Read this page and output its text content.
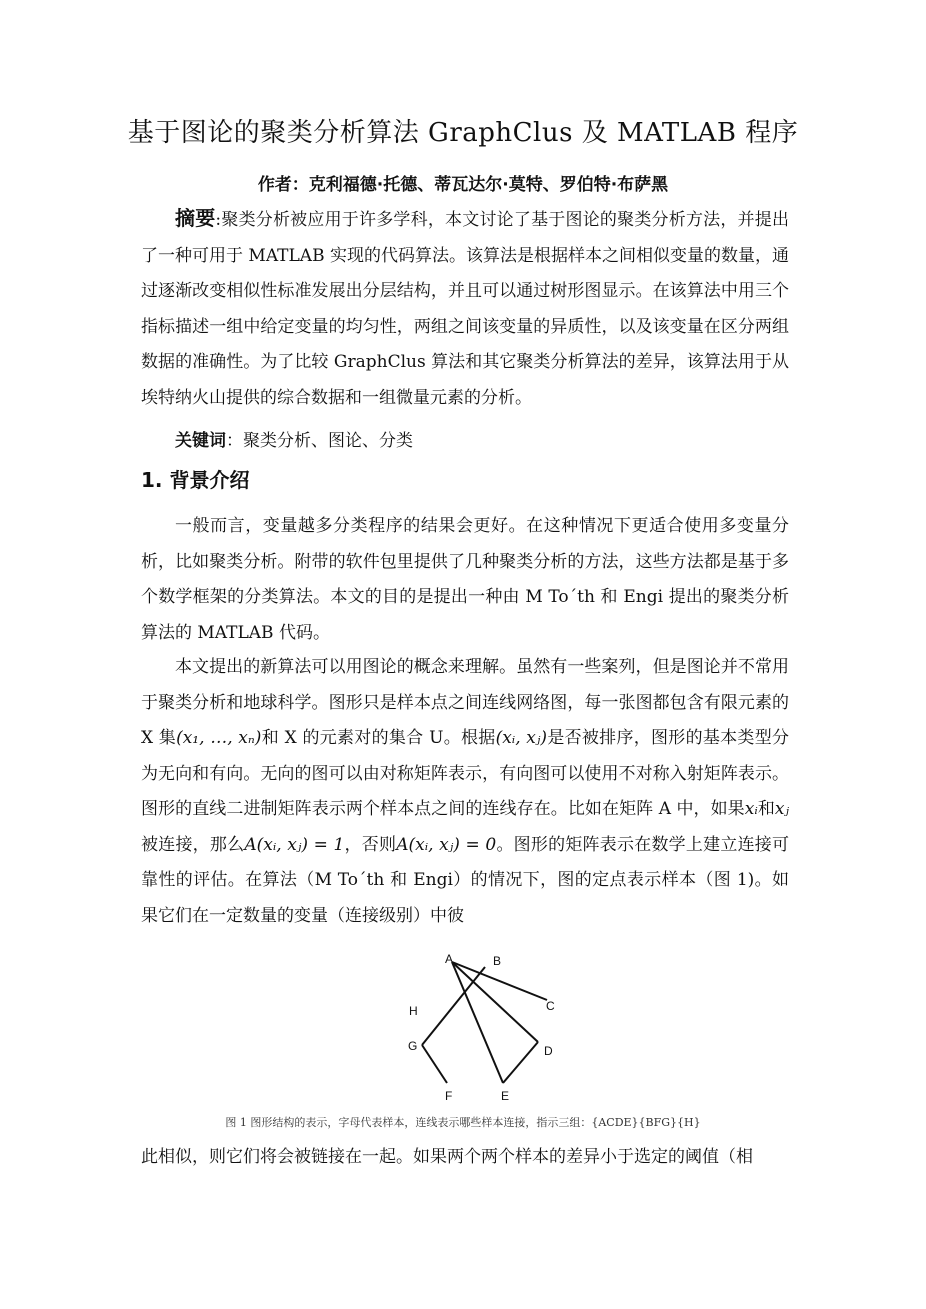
基于图论的聚类分析算法 GraphClus 及 MATLAB 程序
作者：克利福德·托德、蒂瓦达尔·莫特、罗伯特·布萨黑
摘要:聚类分析被应用于许多学科，本文讨论了基于图论的聚类分析方法，并提出了一种可用于 MATLAB 实现的代码算法。该算法是根据样本之间相似变量的数量，通过逐渐改变相似性标准发展出分层结构，并且可以通过树形图显示。在该算法中用三个指标描述一组中给定变量的均匀性，两组之间该变量的异质性，以及该变量在区分两组数据的准确性。为了比较 GraphClus 算法和其它聚类分析算法的差异，该算法用于从埃特纳火山提供的综合数据和一组微量元素的分析。
关键词：聚类分析、图论、分类
1. 背景介绍
一般而言，变量越多分类程序的结果会更好。在这种情况下更适合使用多变量分析，比如聚类分析。附带的软件包里提供了几种聚类分析的方法，这些方法都是基于多个数学框架的分类算法。本文的目的是提出一种由 M To´th 和 Engi 提出的聚类分析算法的 MATLAB 代码。
本文提出的新算法可以用图论的概念来理解。虽然有一些案列，但是图论并不常用于聚类分析和地球科学。图形只是样本点之间连线网络图，每一张图都包含有限元素的 X 集(x₁, …, xₙ)和 X 的元素对的集合 U。根据(xᵢ, xⱼ)是否被排序，图形的基本类型分为无向和有向。无向的图可以由对称矩阵表示，有向图可以使用不对称入射矩阵表示。图形的直线二进制矩阵表示两个样本点之间的连线存在。比如在矩阵 A 中，如果xᵢ和xⱼ被连接，那么A(xᵢ, xⱼ) = 1，否则A(xᵢ, xⱼ) = 0。图形的矩阵表示在数学上建立连接可靠性的评估。在算法（M To´th 和 Engi）的情况下，图的定点表示样本（图 1)。如果它们在一定数量的变量（连接级别）中彼
A	B
C
D
E
F
G
H
图 1 图形结构的表示，字母代表样本，连线表示哪些样本连接，指示三组：{ACDE}{BFG}{H}
此相似，则它们将会被链接在一起。如果两个两个样本的差异小于选定的阈值（相
